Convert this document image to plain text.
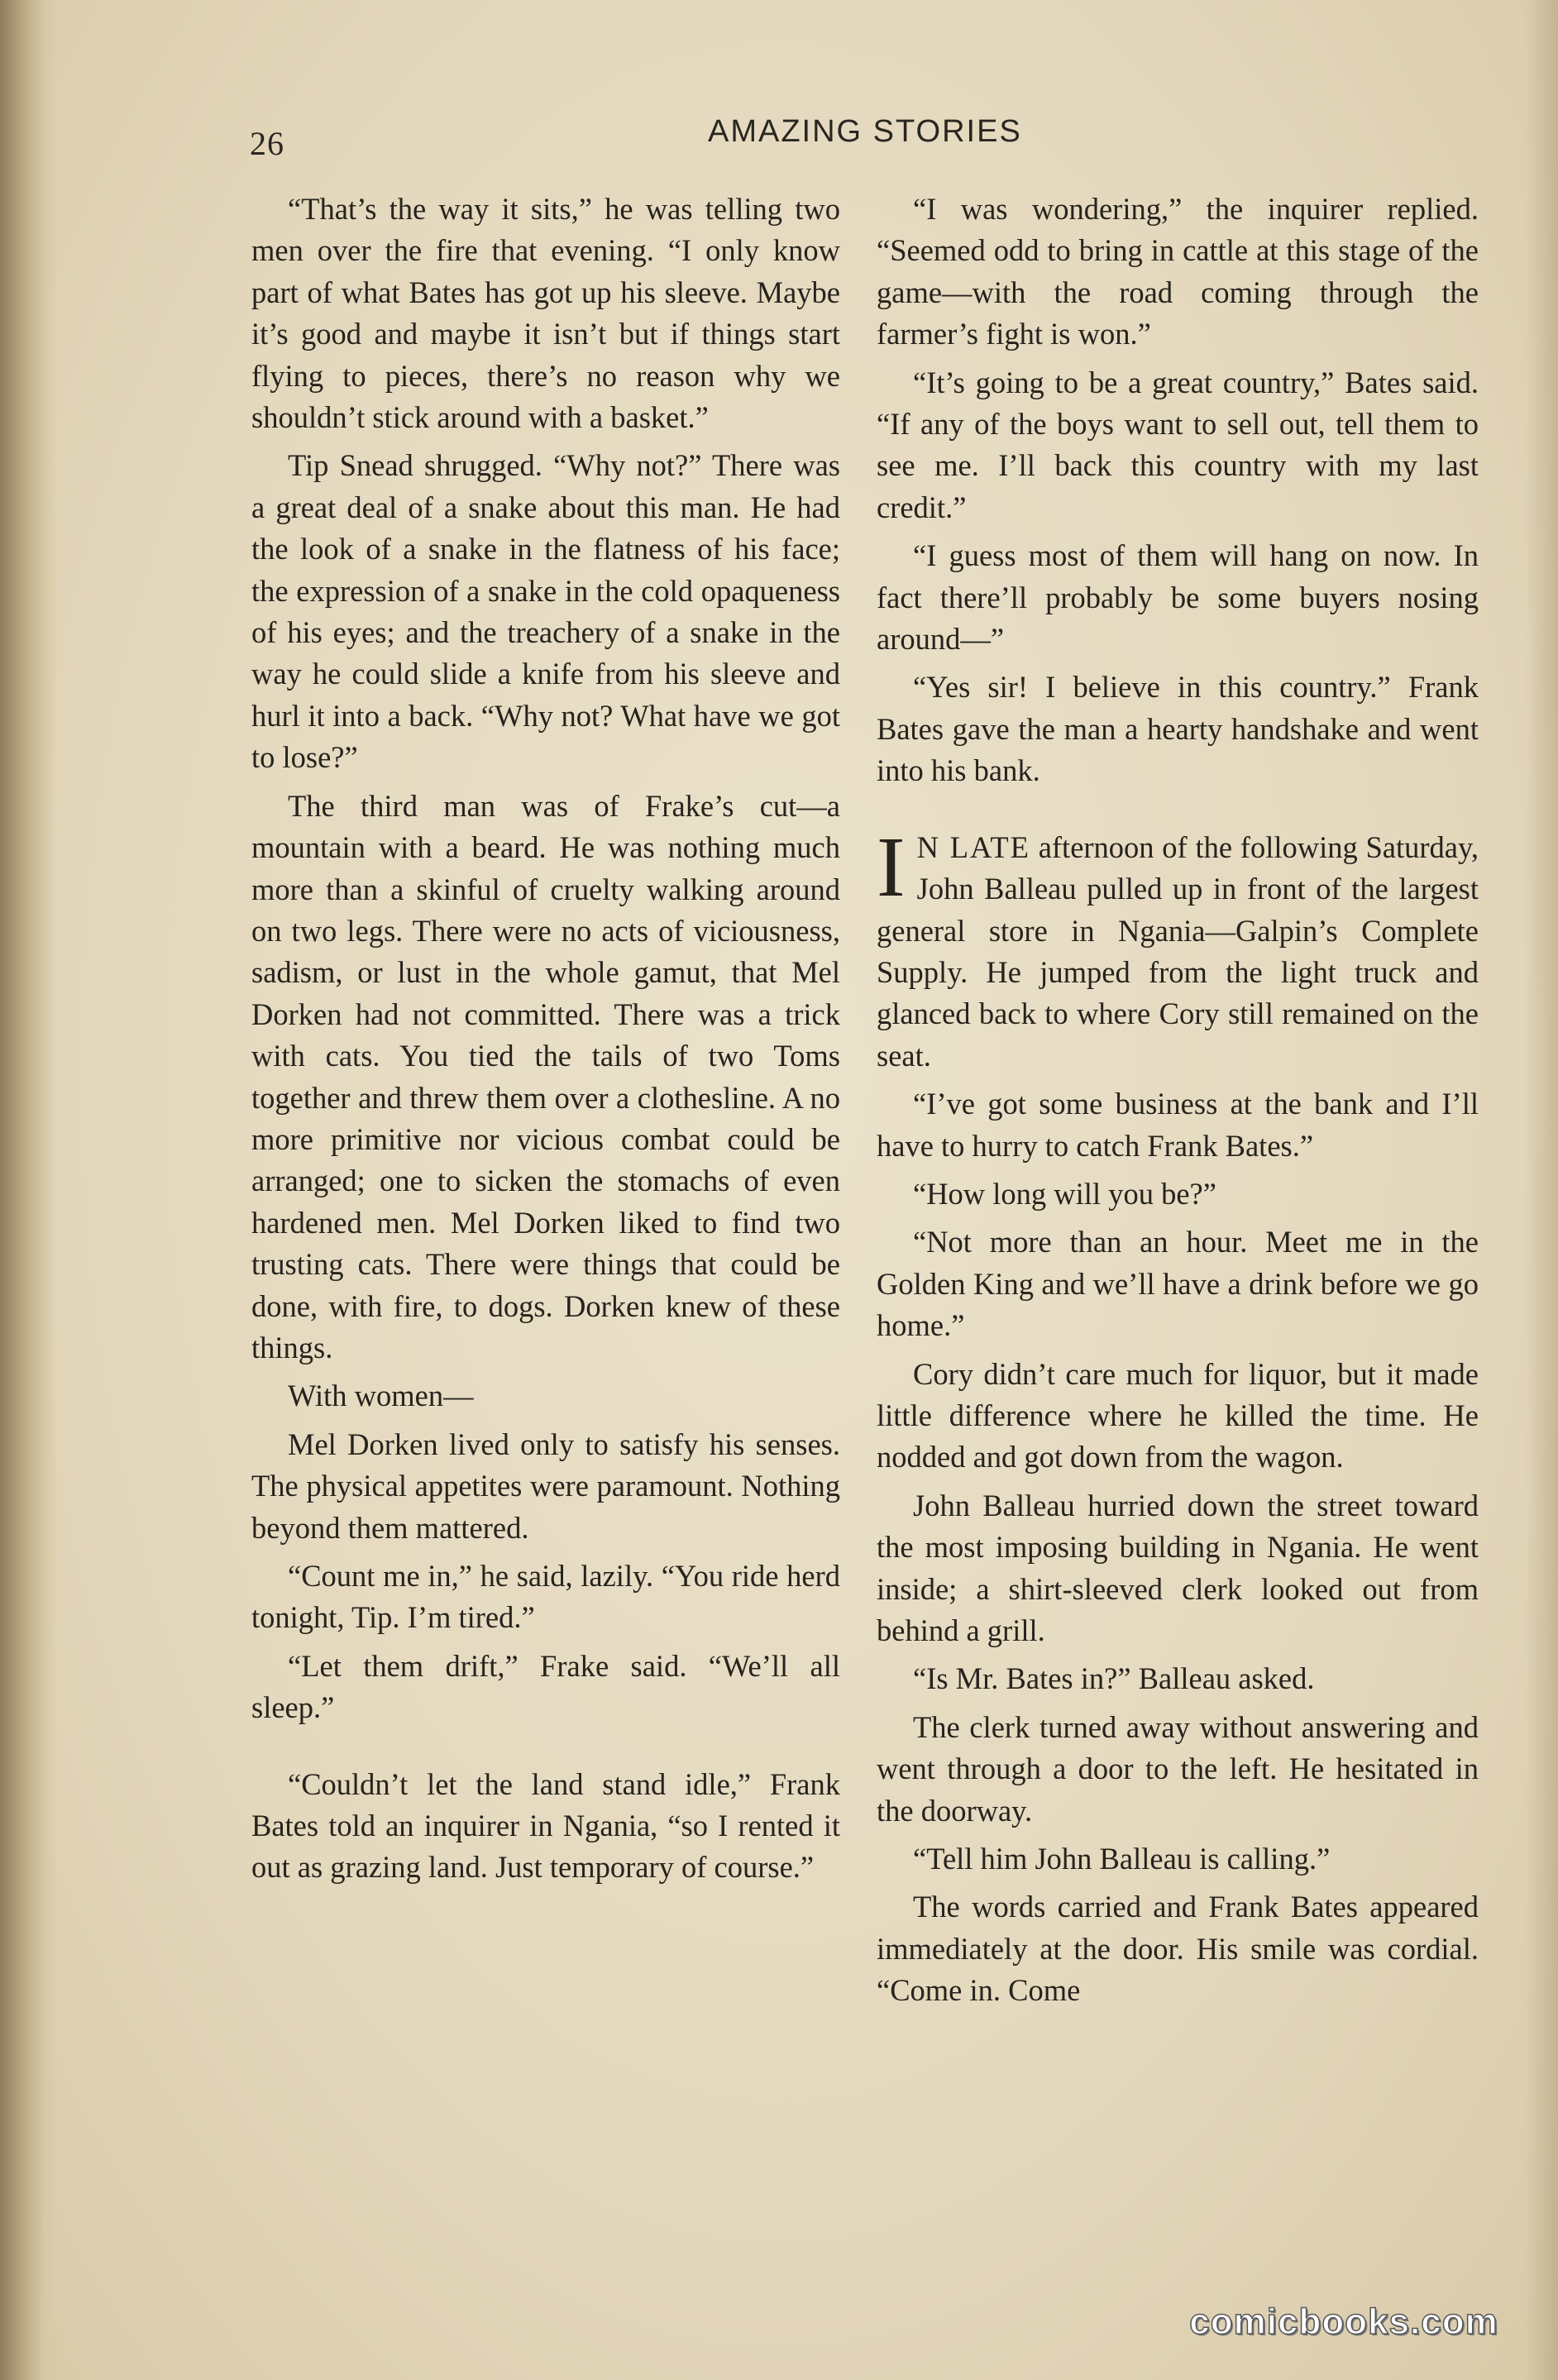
26	AMAZING STORIES

“That’s the way it sits,” he was telling two men over the fire that evening. “I only know part of what Bates has got up his sleeve. Maybe it’s good and maybe it isn’t but if things start flying to pieces, there’s no reason why we shouldn’t stick around with a basket.”

Tip Snead shrugged. “Why not?” There was a great deal of a snake about this man. He had the look of a snake in the flatness of his face; the expression of a snake in the cold opaqueness of his eyes; and the treachery of a snake in the way he could slide a knife from his sleeve and hurl it into a back. “Why not? What have we got to lose?”

The third man was of Frake’s cut—a mountain with a beard. He was nothing much more than a skinful of cruelty walking around on two legs. There were no acts of viciousness, sadism, or lust in the whole gamut, that Mel Dorken had not committed. There was a trick with cats. You tied the tails of two Toms together and threw them over a clothesline. A no more primitive nor vicious combat could be arranged; one to sicken the stomachs of even hardened men. Mel Dorken liked to find two trusting cats. There were things that could be done, with fire, to dogs. Dorken knew of these things.

With women—

Mel Dorken lived only to satisfy his senses. The physical appetites were paramount. Nothing beyond them mattered.

“Count me in,” he said, lazily. “You ride herd tonight, Tip. I’m tired.”

“Let them drift,” Frake said. “We’ll all sleep.”

“Couldn’t let the land stand idle,” Frank Bates told an inquirer in Ngania, “so I rented it out as grazing land. Just temporary of course.”

“I was wondering,” the inquirer replied. “Seemed odd to bring in cattle at this stage of the game—with the road coming through the farmer’s fight is won.”

“It’s going to be a great country,” Bates said. “If any of the boys want to sell out, tell them to see me. I’ll back this country with my last credit.”

“I guess most of them will hang on now. In fact there’ll probably be some buyers nosing around—”

“Yes sir! I believe in this country.” Frank Bates gave the man a hearty handshake and went into his bank.

I N LATE afternoon of the following Saturday, John Balleau pulled up in front of the largest general store in Ngania—Galpin’s Complete Supply. He jumped from the light truck and glanced back to where Cory still remained on the seat.

“I’ve got some business at the bank and I’ll have to hurry to catch Frank Bates.”

“How long will you be?”

“Not more than an hour. Meet me in the Golden King and we’ll have a drink before we go home.”

Cory didn’t care much for liquor, but it made little difference where he killed the time. He nodded and got down from the wagon.

John Balleau hurried down the street toward the most imposing building in Ngania. He went inside; a shirt-sleeved clerk looked out from behind a grill.

“Is Mr. Bates in?” Balleau asked.

The clerk turned away without answering and went through a door to the left. He hesitated in the doorway.

“Tell him John Balleau is calling.”

The words carried and Frank Bates appeared immediately at the door. His smile was cordial. “Come in. Come

comicbooks.com
